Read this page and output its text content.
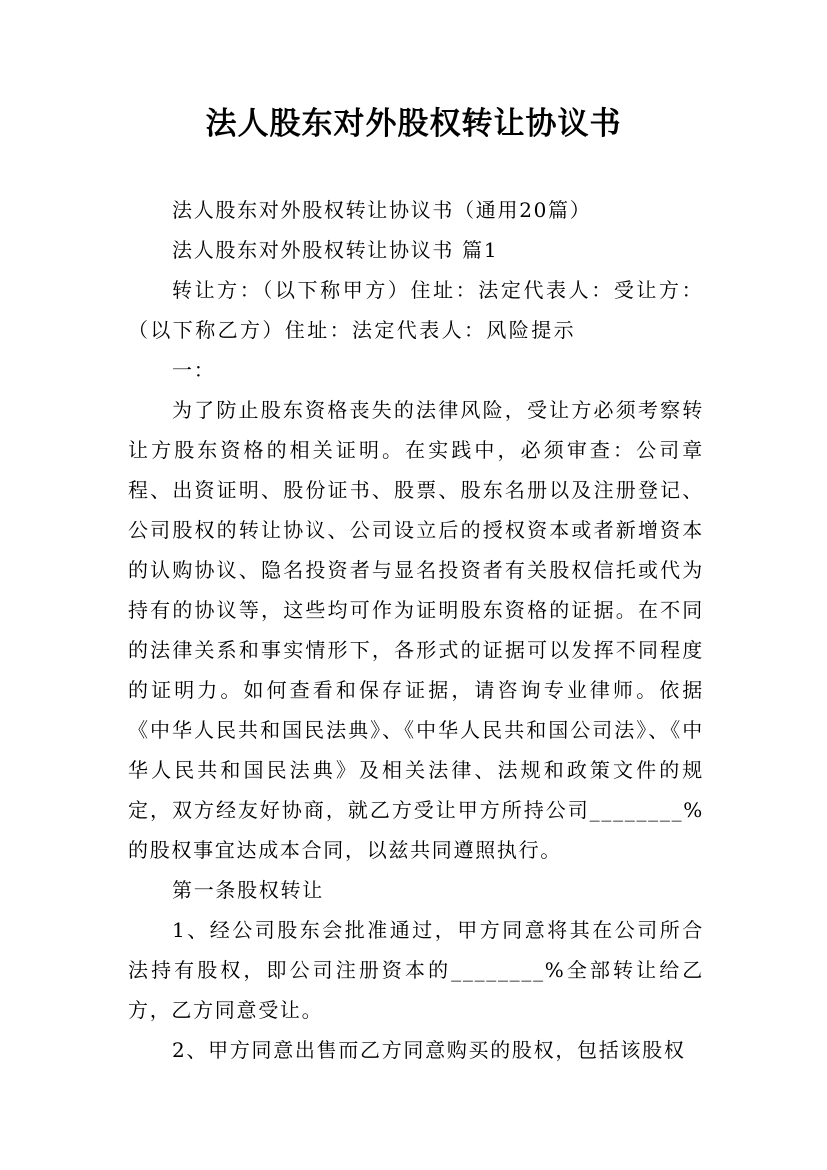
法人股东对外股权转让协议书

法人股东对外股权转让协议书（通用20篇）

法人股东对外股权转让协议书 篇1

转让方：（以下称甲方）住址：法定代表人：受让方：（以下称乙方）住址：法定代表人：风险提示

一：

为了防止股东资格丧失的法律风险，受让方必须考察转让方股东资格的相关证明。在实践中，必须审查：公司章程、出资证明、股份证书、股票、股东名册以及注册登记、公司股权的转让协议、公司设立后的授权资本或者新增资本的认购协议、隐名投资者与显名投资者有关股权信托或代为持有的协议等，这些均可作为证明股东资格的证据。在不同的法律关系和事实情形下，各形式的证据可以发挥不同程度的证明力。如何查看和保存证据，请咨询专业律师。依据《中华人民共和国民法典》、《中华人民共和国公司法》、《中华人民共和国民法典》及相关法律、法规和政策文件的规定，双方经友好协商，就乙方受让甲方所持公司________%的股权事宜达成本合同，以兹共同遵照执行。

第一条股权转让

1、经公司股东会批准通过，甲方同意将其在公司所合法持有股权，即公司注册资本的________%全部转让给乙方，乙方同意受让。

2、甲方同意出售而乙方同意购买的股权，包括该股权
